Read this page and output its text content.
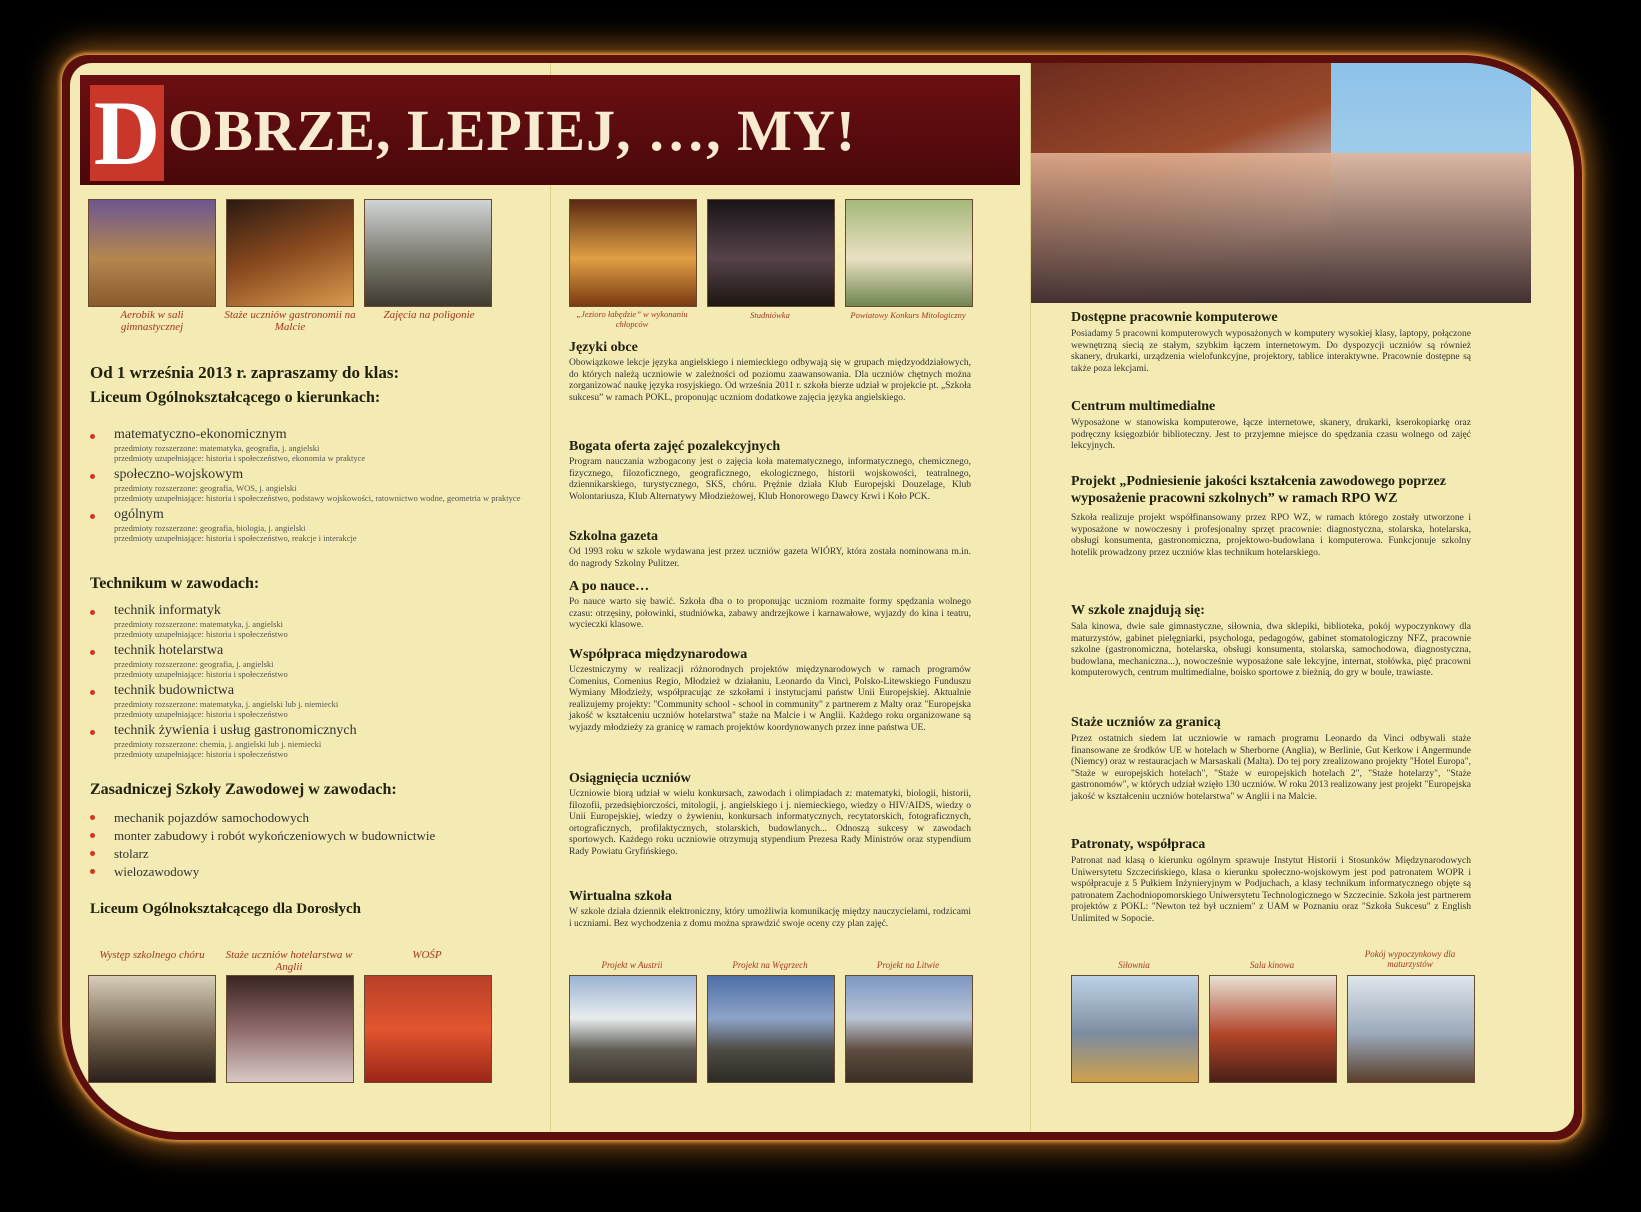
Aerobik w sali gimnastycznej
Staże uczniów gastronomii na Malcie
Zajęcia na poligonie
Od 1 września 2013 r. zapraszamy do klas:
Liceum Ogólnokształcącego o kierunkach:
matematyczno-ekonomicznym
przedmioty rozszerzone: matematyka, geografia, j. angielski
przedmioty uzupełniające: historia i społeczeństwo, ekonomia w praktyce
społeczno-wojskowym
przedmioty rozszerzone: geografia, WOS, j. angielski
przedmioty uzupełniające: historia i społeczeństwo, podstawy wojskowości, ratownictwo wodne, geometria w praktyce
ogólnym
przedmioty rozszerzone: geografia, biologia, j. angielski
przedmioty uzupełniające: historia i społeczeństwo, reakcje i interakcje
Technikum w zawodach:
technik informatyk
przedmioty rozszerzone: matematyka, j. angielski
przedmioty uzupełniające: historia i społeczeństwo
technik hotelarstwa
przedmioty rozszerzone: geografia, j. angielski
przedmioty uzupełniające: historia i społeczeństwo
technik budownictwa
przedmioty rozszerzone: matematyka, j. angielski lub j. niemiecki
przedmioty uzupełniające: historia i społeczeństwo
technik żywienia i usług gastronomicznych
przedmioty rozszerzone: chemia, j. angielski lub j. niemiecki
przedmioty uzupełniające: historia i społeczeństwo
Zasadniczej Szkoły Zawodowej w zawodach:
mechanik pojazdów samochodowych
monter zabudowy i robót wykończeniowych w budownictwie
stolarz
wielozawodowy
Liceum Ogólnokształcącego dla Dorosłych
Występ szkolnego chóru	Staże uczniów hotelarstwa w Anglii
WOŚP
„Jezioro łabędzie” w wykonaniu chłopców
Studniówka	Powiatowy Konkurs Mitologiczny
Języki obce

Obowiązkowe lekcje języka angielskiego i niemieckiego odbywają się w grupach międzyoddziałowych, do których należą uczniowie w zależności od poziomu zaawansowania. Dla uczniów chętnych można zorganizować naukę języka rosyjskiego. Od września 2011 r. szkoła bierze udział w projekcie pt. „Szkoła sukcesu” w ramach POKL, proponując uczniom dodatkowe zajęcia języka angielskiego.

Bogata oferta zajęć pozalekcyjnych

Program nauczania wzbogacony jest o zajęcia koła matematycznego, informatycznego, chemicznego, fizycznego, filozoficznego, geograficznego, ekologicznego, historii wojskowości, teatralnego, dziennikarskiego, turystycznego, SKS, chóru. Prężnie działa Klub Europejski Douzelage, Klub Wolontariusza, Klub Alternatywy Młodzieżowej, Klub Honorowego Dawcy Krwi i Koło PCK.

Szkolna gazeta

Od 1993 roku w szkole wydawana jest przez uczniów gazeta WIÓRY, która została nominowana m.in. do nagrody Szkolny Pulitzer.

A po nauce…

Po nauce warto się bawić. Szkoła dba o to proponując uczniom rozmaite formy spędzania wolnego czasu: otrzęsiny, połowinki, studniówka, zabawy andrzejkowe i karnawałowe, wyjazdy do kina i teatru, wycieczki klasowe.

Współpraca międzynarodowa

Uczestniczymy w realizacji różnorodnych projektów międzynarodowych w ramach programów Comenius, Comenius Regio, Młodzież w działaniu, Leonardo da Vinci, Polsko-Litewskiego Funduszu Wymiany Młodzieży, współpracując ze szkołami i instytucjami państw Unii Europejskiej. Aktualnie realizujemy projekty: "Community school - school in community" z partnerem z Malty oraz "Europejska jakość w kształceniu uczniów hotelarstwa" staże na Malcie i w Anglii. Każdego roku organizowane są wyjazdy młodzieży za granicę w ramach projektów koordynowanych przez inne państwa UE.

Osiągnięcia uczniów

Uczniowie biorą udział w wielu konkursach, zawodach i olimpiadach z: matematyki, biologii, historii, filozofii, przedsiębiorczości, mitologii, j. angielskiego i j. niemieckiego, wiedzy o HIV/AIDS, wiedzy o Unii Europejskiej, wiedzy o żywieniu, konkursach informatycznych, recytatorskich, fotograficznych, ortograficznych, profilaktycznych, stolarskich, budowlanych... Odnoszą sukcesy w zawodach sportowych. Każdego roku uczniowie otrzymują stypendium Prezesa Rady Ministrów oraz stypendium Rady Powiatu Gryfińskiego.

Wirtualna szkoła

W szkole działa dziennik elektroniczny, który umożliwia komunikację między nauczycielami, rodzicami i uczniami. Bez wychodzenia z domu można sprawdzić swoje oceny czy plan zajęć.

Projekt w Austrii	Projekt na Węgrzech	Projekt na Litwie
Dostępne pracownie komputerowe

Posiadamy 5 pracowni komputerowych wyposażonych w komputery wysokiej klasy, laptopy, połączone wewnętrzną siecią ze stałym, szybkim łączem internetowym. Do dyspozycji uczniów są również skanery, drukarki, urządzenia wielofunkcyjne, projektory, tablice interaktywne. Pracownie dostępne są także poza lekcjami.

Centrum multimedialne

Wyposażone w stanowiska komputerowe, łącze internetowe, skanery, drukarki, kserokopiarkę oraz podręczny księgozbiór biblioteczny. Jest to przyjemne miejsce do spędzania czasu wolnego od zajęć lekcyjnych.

Projekt „Podniesienie jakości kształcenia zawodowego poprzez wyposażenie pracowni szkolnych” w ramach RPO WZ

Szkoła realizuje projekt współfinansowany przez RPO WZ, w ramach którego zostały utworzone i wyposażone w nowoczesny i profesjonalny sprzęt pracownie: diagnostyczna, stolarska, hotelarska, obsługi konsumenta, gastronomiczna, projektowo-budowlana i komputerowa. Funkcjonuje szkolny hotelik prowadzony przez uczniów klas technikum hotelarskiego.

W szkole znajdują się:

Sala kinowa, dwie sale gimnastyczne, siłownia, dwa sklepiki, biblioteka, pokój wypoczynkowy dla maturzystów, gabinet pielęgniarki, psychologa, pedagogów, gabinet stomatologiczny NFZ, pracownie szkolne (gastronomiczna, hotelarska, obsługi konsumenta, stolarska, samochodowa, diagnostyczna, budowlana, mechaniczna...), nowocześnie wyposażone sale lekcyjne, internat, stołówka, pięć pracowni komputerowych, centrum multimedialne, boisko sportowe z bieżnią, do gry w boule, trawiaste.

Staże uczniów za granicą

Przez ostatnich siedem lat uczniowie w ramach programu Leonardo da Vinci odbywali staże finansowane ze środków UE w hotelach w Sherborne (Anglia), w Berlinie, Gut Kerkow i Angermunde (Niemcy) oraz w restauracjach w Marsaskali (Malta). Do tej pory zrealizowano projekty "Hotel Europa", "Staże w europejskich hotelach", "Staże w europejskich hotelach 2", "Staże hotelarzy", "Staże gastronomów", w których udział wzięło 130 uczniów. W roku 2013 realizowany jest projekt "Europejska jakość w kształceniu uczniów hotelarstwa" w Anglii i na Malcie.

Patronaty, współpraca

Patronat nad klasą o kierunku ogólnym sprawuje Instytut Historii i Stosunków Międzynarodowych Uniwersytetu Szczecińskiego, klasa o kierunku społeczno-wojskowym jest pod patronatem WOPR i współpracuje z 5 Pułkiem Inżynieryjnym w Podjuchach, a klasy technikum informatycznego objęte są patronatem Zachodniopomorskiego Uniwersytetu Technologicznego w Szczecinie. Szkoła jest partnerem projektów z POKL: "Newton też był uczniem" z UAM w Poznaniu oraz "Szkoła Sukcesu" z English Unlimited w Sopocie.

Siłownia	Sala kinowa
Pokój wypoczynkowy dla maturzystów
D OBRZE, LEPIEJ, …, MY!
